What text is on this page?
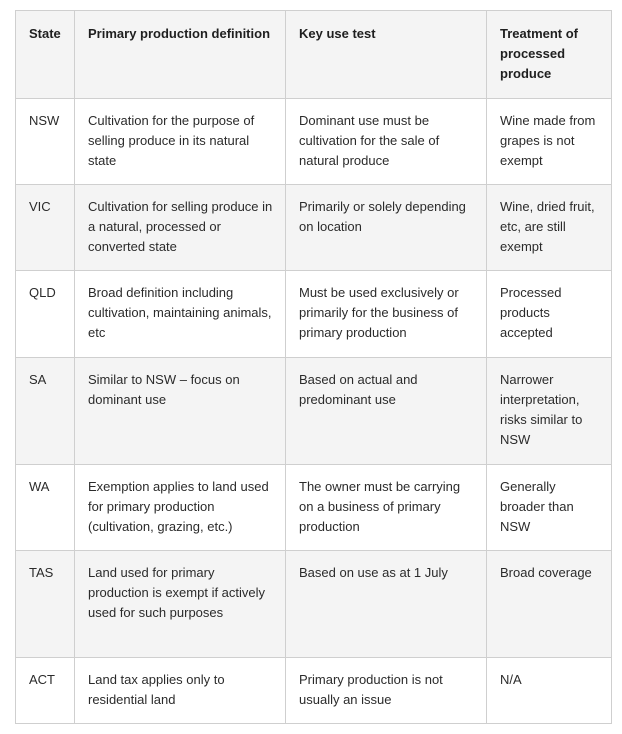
State	Primary production definition	Key use test	Treatment of processed produce
NSW	Cultivation for the purpose of selling produce in its natural state	Dominant use must be cultivation for the sale of natural produce	Wine made from grapes is not exempt
VIC	Cultivation for selling produce in a natural, processed or converted state	Primarily or solely depending on location	Wine, dried fruit, etc, are still exempt
QLD	Broad definition including cultivation, maintaining animals, etc	Must be used exclusively or primarily for the business of primary production	Processed products accepted
SA	Similar to NSW – focus on dominant use	Based on actual and predominant use	Narrower interpretation, risks similar to NSW
WA	Exemption applies to land used for primary production (cultivation, grazing, etc.)	The owner must be carrying on a business of primary production	Generally broader than NSW
TAS	Land used for primary production is exempt if actively used for such purposes	Based on use as at 1 July	Broad coverage
ACT	Land tax applies only to residential land	Primary production is not usually an issue	N/A
